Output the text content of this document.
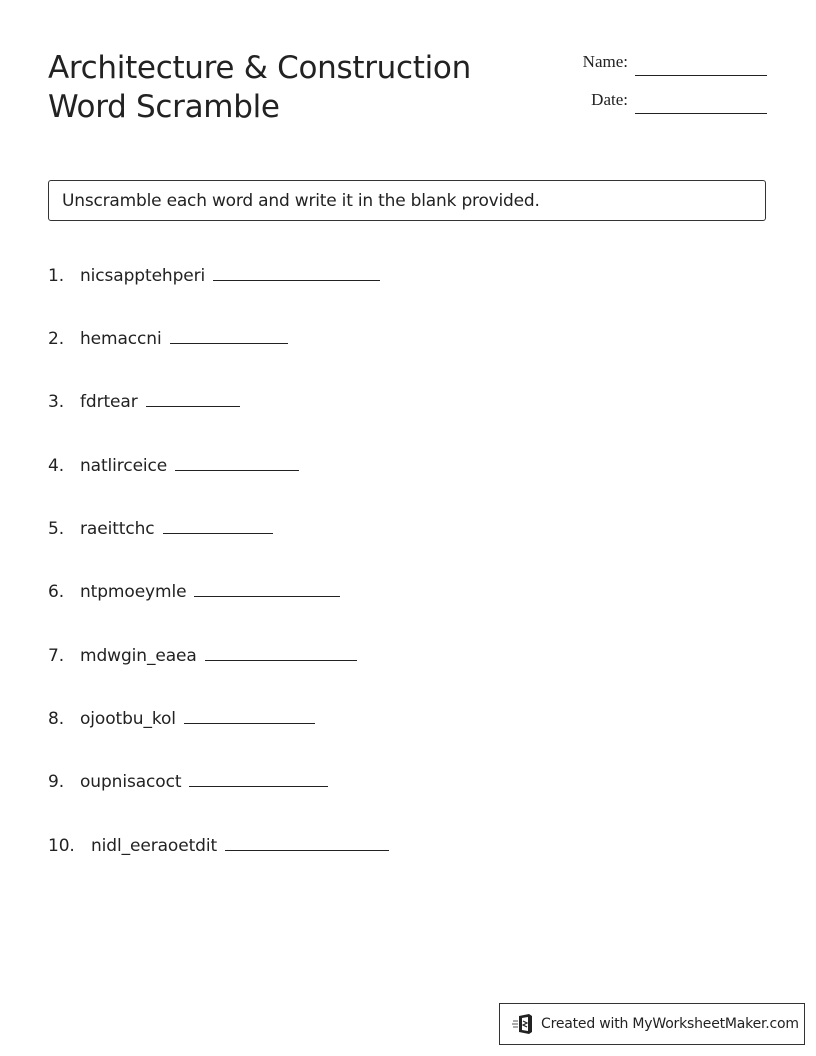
Architecture & Construction
Word Scramble
Name:
Date:
Unscramble each word and write it in the blank provided.
1. nicsapptehperi
2. hemaccni
3. fdrtear
4. natlirceice
5. raeittchc
6. ntpmoeymle
7. mdwgin_eaea
8. ojootbu_kol
9. oupnisacoct
10. nidl_eeraoetdit
Created with MyWorksheetMaker.com
